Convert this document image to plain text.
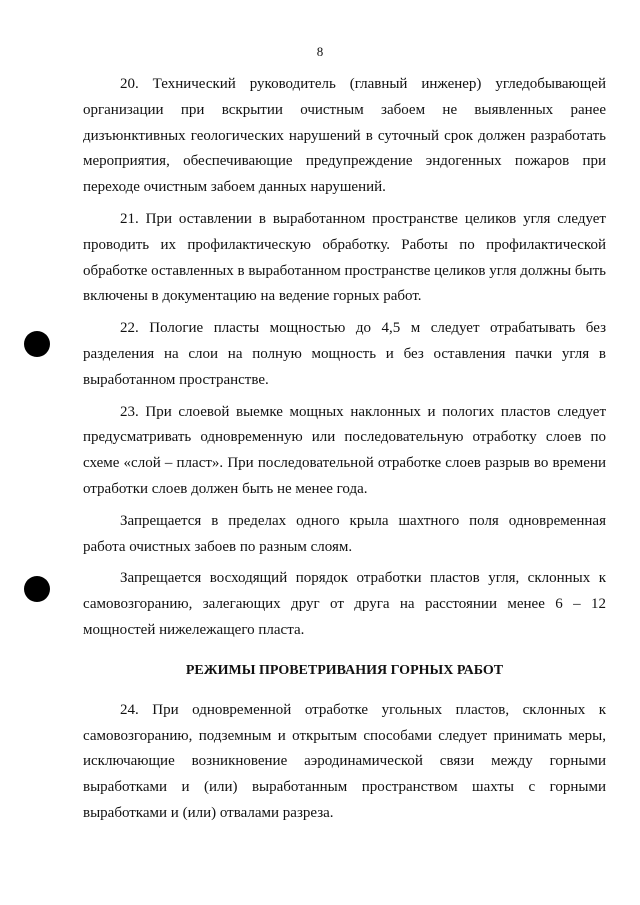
8

20. Технический руководитель (главный инженер) угледобывающей организации при вскрытии очистным забоем не выявленных ранее дизъюнктивных геологических нарушений в суточный срок должен разработать мероприятия, обеспечивающие предупреждение эндогенных пожаров при переходе очистным забоем данных нарушений.

21. При оставлении в выработанном пространстве целиков угля следует проводить их профилактическую обработку. Работы по профилактической обработке оставленных в выработанном пространстве целиков угля должны быть включены в документацию на ведение горных работ.

22. Пологие пласты мощностью до 4,5 м следует отрабатывать без разделения на слои на полную мощность и без оставления пачки угля в выработанном пространстве.

23. При слоевой выемке мощных наклонных и пологих пластов следует предусматривать одновременную или последовательную отработку слоев по схеме «слой – пласт». При последовательной отработке слоев разрыв во времени отработки слоев должен быть не менее года.

Запрещается в пределах одного крыла шахтного поля одновременная работа очистных забоев по разным слоям.

Запрещается восходящий порядок отработки пластов угля, склонных к самовозгоранию, залегающих друг от друга на расстоянии менее 6 – 12 мощностей нижележащего пласта.

РЕЖИМЫ ПРОВЕТРИВАНИЯ ГОРНЫХ РАБОТ

24. При одновременной отработке угольных пластов, склонных к самовозгоранию, подземным и открытым способами следует принимать меры, исключающие возникновение аэродинамической связи между горными выработками и (или) выработанным пространством шахты с горными выработками и (или) отвалами разреза.
